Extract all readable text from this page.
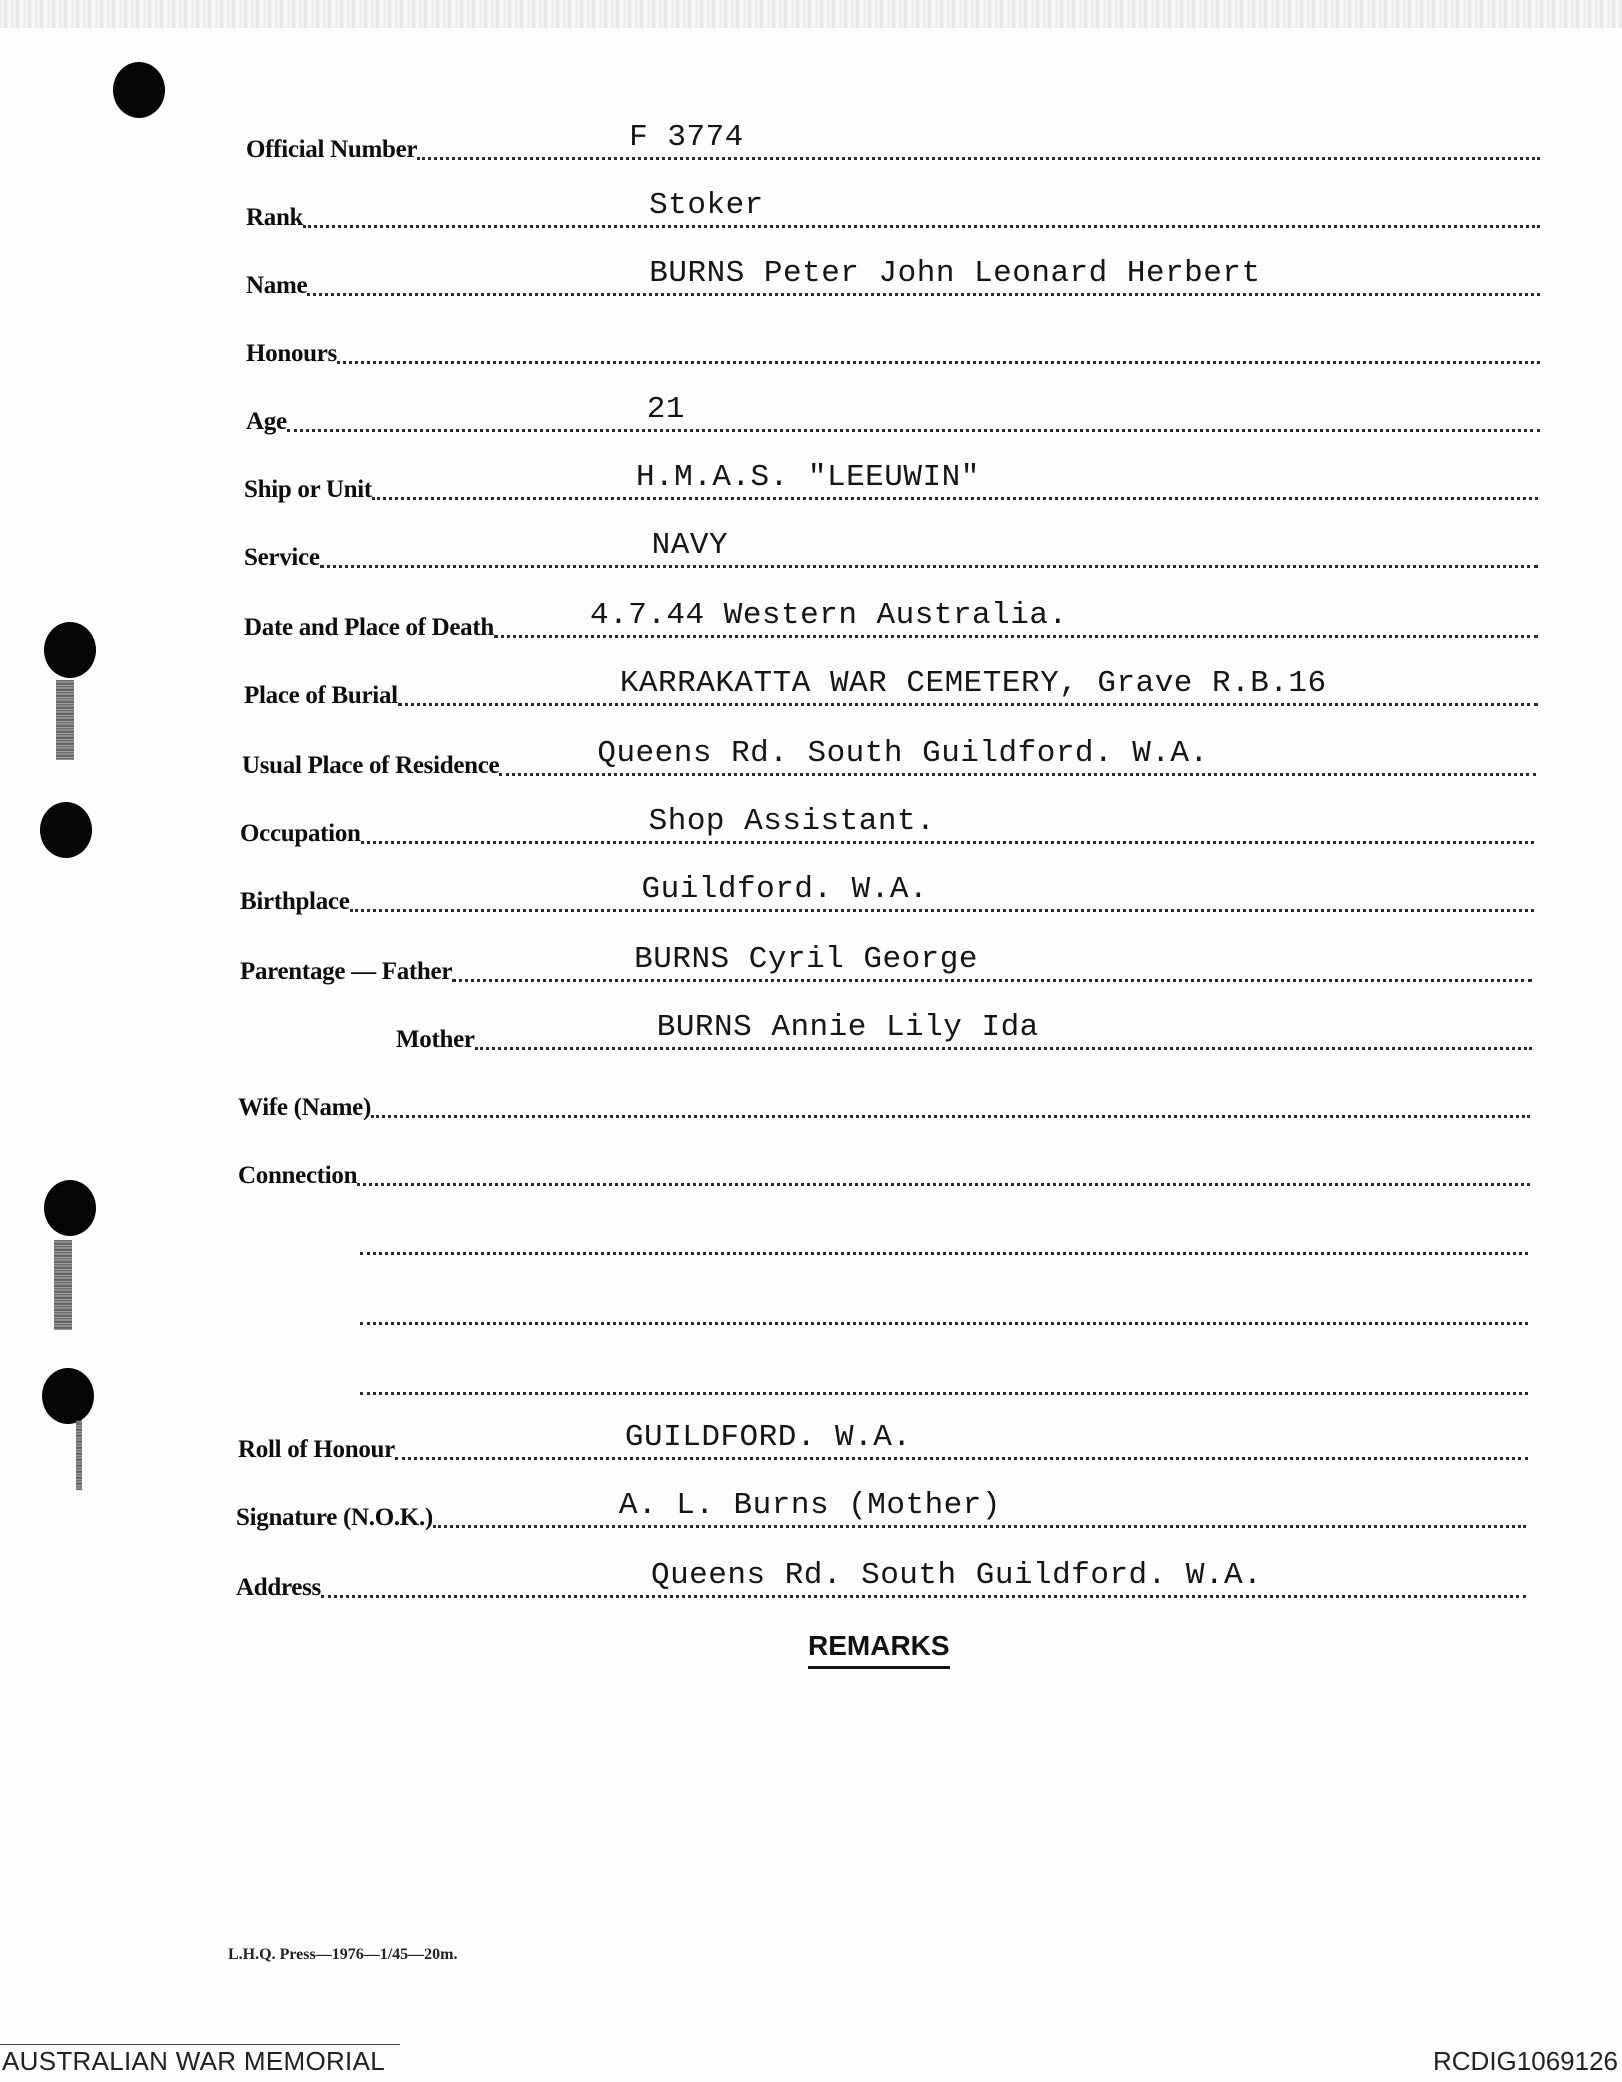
Official Number	F 3774
Rank	Stoker
Name	BURNS Peter John Leonard Herbert
Honours
Age	21
Ship or Unit	H.M.A.S. "LEEUWIN"
Service	NAVY
Date and Place of Death	4.7.44 Western Australia.
Place of Burial	KARRAKATTA WAR CEMETERY, Grave R.B.16
Usual Place of Residence	Queens Rd. South Guildford. W.A.
Occupation	Shop Assistant.
Birthplace	Guildford. W.A.
Parentage — Father	BURNS Cyril George
Mother	BURNS Annie Lily Ida
Wife (Name)
Connection
Roll of Honour	GUILDFORD. W.A.
Signature (N.O.K.)	A. L. Burns (Mother)
Address	Queens Rd. South Guildford. W.A.
REMARKS
L.H.Q. Press—1976—1/45—20m.
AUSTRALIAN WAR MEMORIAL	RCDIG1069126
